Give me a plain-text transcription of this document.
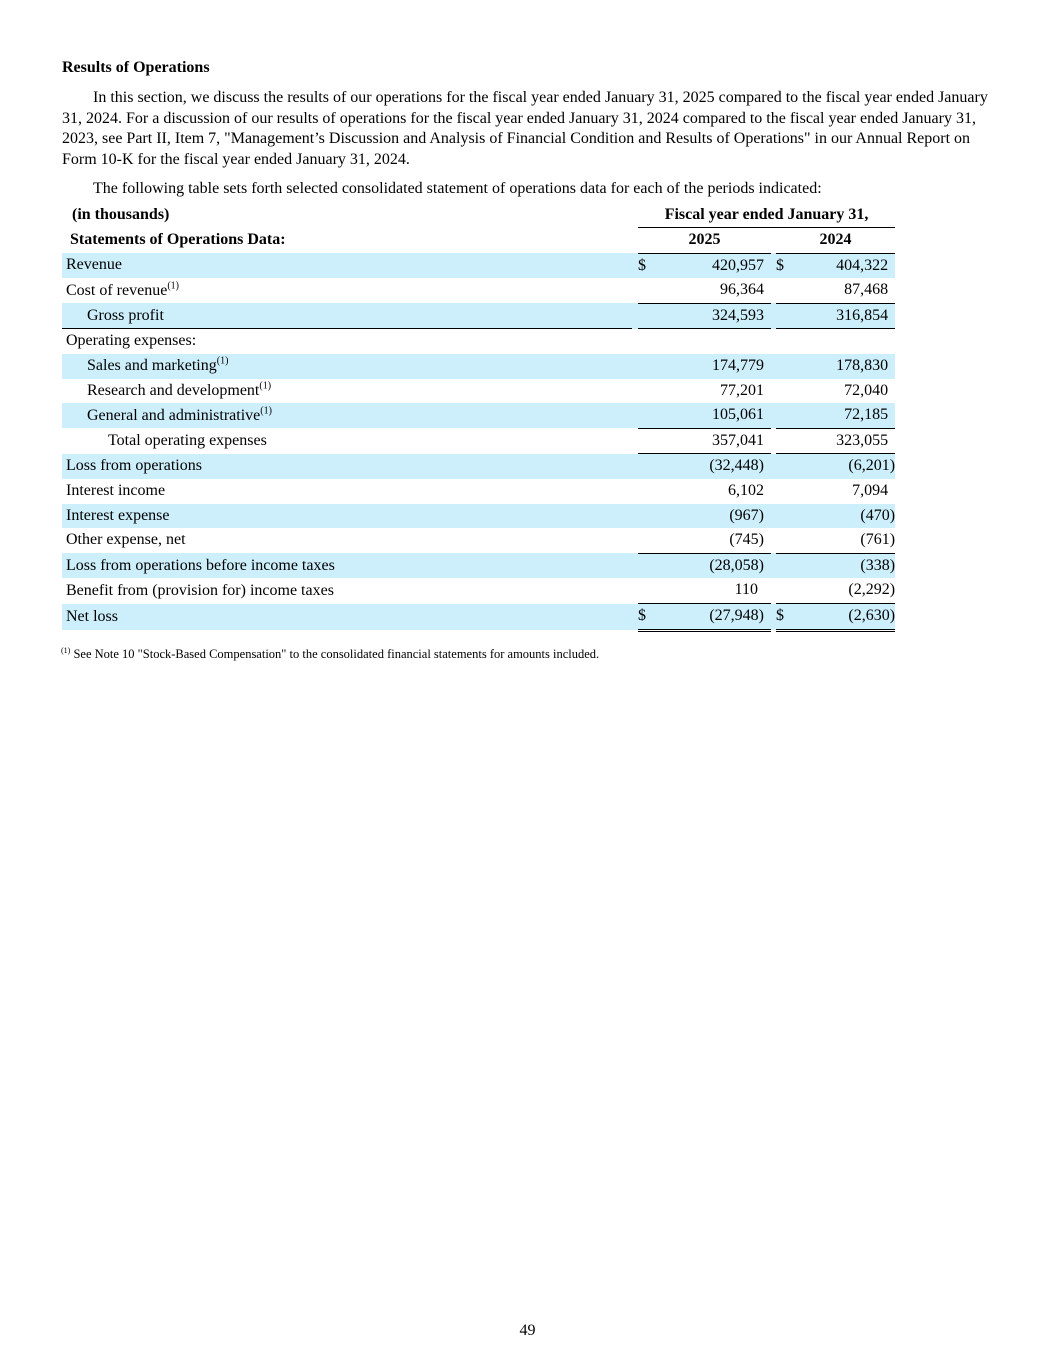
Results of Operations

In this section, we discuss the results of our operations for the fiscal year ended January 31, 2025 compared to the fiscal year ended January 31, 2024. For a discussion of our results of operations for the fiscal year ended January 31, 2024 compared to the fiscal year ended January 31, 2023, see Part II, Item 7, "Management’s Discussion and Analysis of Financial Condition and Results of Operations" in our Annual Report on Form 10-K for the fiscal year ended January 31, 2024.

The following table sets forth selected consolidated statement of operations data for each of the periods indicated:

(in thousands)		Fiscal year ended January 31,					
Statements of Operations Data:		2025				2024	
Revenue		$	420,957			$	404,322
Cost of revenue$^{(1)}$			96,364				87,468
Gross profit			324,593				316,854
Operating expenses:							
Sales and marketing$^{(1)}$			174,779				178,830
Research and development$^{(1)}$			77,201				72,040
General and administrative$^{(1)}$			105,061				72,185
Total operating expenses			357,041				323,055
Loss from operations			(32,448)				(6,201)
Interest income			6,102				7,094
Interest expense			(967)				(470)
Other expense, net			(745)				(761)
Loss from operations before income taxes			(28,058)				(338)
Benefit from (provision for) income taxes			110				(2,292)
Net loss		$	(27,948)			$	(2,630)
$^{(1)}$ See Note 10 "Stock-Based Compensation" to the consolidated financial statements for amounts included.
49
